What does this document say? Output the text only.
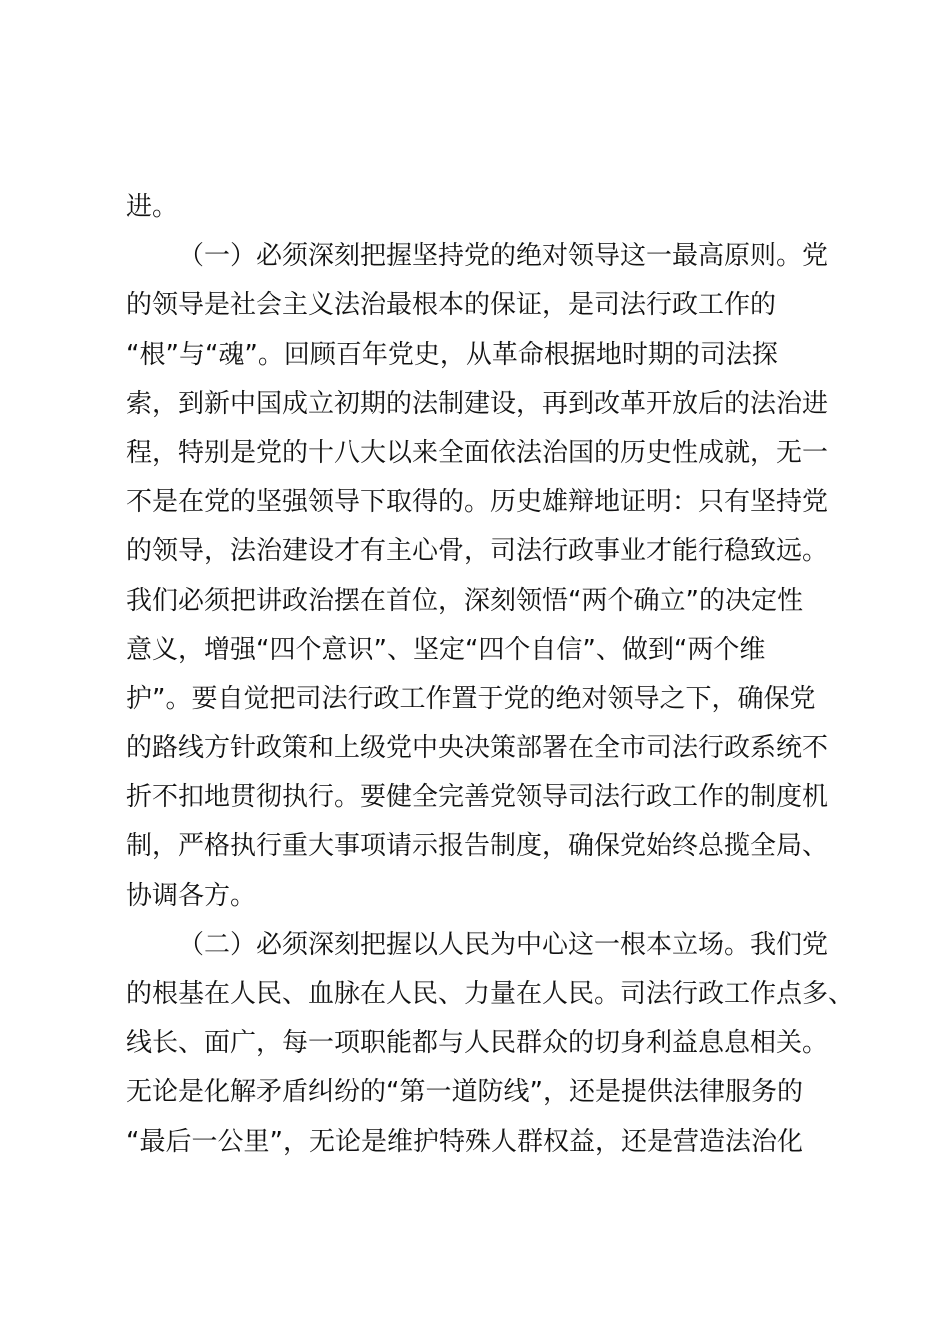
进。
（一）必须深刻把握坚持党的绝对领导这一最高原则。党
的领导是社会主义法治最根本的保证，是司法行政工作的
“根”与“魂”。回顾百年党史，从革命根据地时期的司法探
索，到新中国成立初期的法制建设，再到改革开放后的法治进
程，特别是党的十八大以来全面依法治国的历史性成就，无一
不是在党的坚强领导下取得的。历史雄辩地证明：只有坚持党
的领导，法治建设才有主心骨，司法行政事业才能行稳致远。
我们必须把讲政治摆在首位，深刻领悟“两个确立”的决定性
意义，增强“四个意识”、坚定“四个自信”、做到“两个维
护”。要自觉把司法行政工作置于党的绝对领导之下，确保党
的路线方针政策和上级党中央决策部署在全市司法行政系统不
折不扣地贯彻执行。要健全完善党领导司法行政工作的制度机
制，严格执行重大事项请示报告制度，确保党始终总揽全局、
协调各方。
（二）必须深刻把握以人民为中心这一根本立场。我们党
的根基在人民、血脉在人民、力量在人民。司法行政工作点多、
线长、面广，每一项职能都与人民群众的切身利益息息相关。
无论是化解矛盾纠纷的“第一道防线”，还是提供法律服务的
“最后一公里”，无论是维护特殊人群权益，还是营造法治化
